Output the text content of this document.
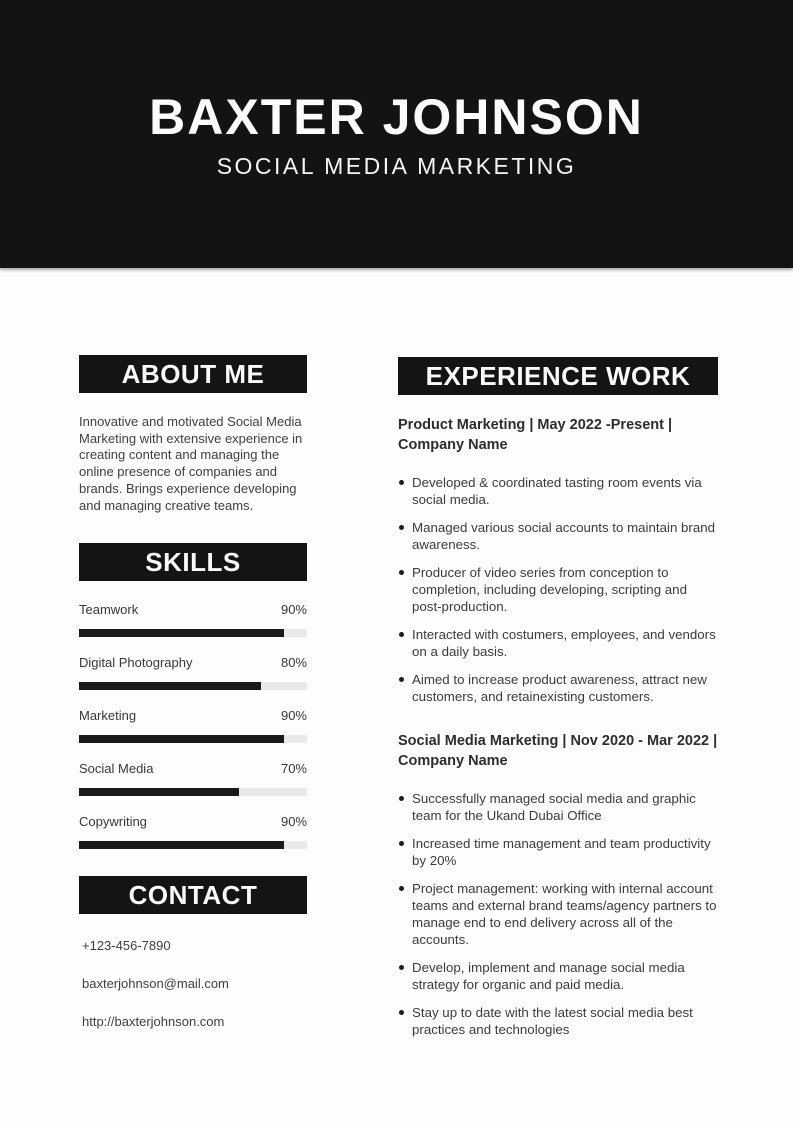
BAXTER JOHNSON
SOCIAL MEDIA MARKETING
ABOUT ME

Innovative and motivated Social Media Marketing with extensive experience in creating content and managing the online presence of companies and brands. Brings experience developing and managing creative teams.

SKILLS
Teamwork	90%
Digital Photography	80%
Marketing	90%
Social Media	70%
Copywriting	90%
CONTACT
+123-456-7890
baxterjohnson@mail.com
http://baxterjohnson.com
EXPERIENCE WORK
Product Marketing | May 2022 -Present |
Company Name
Developed & coordinated tasting room events via social media.
Managed various social accounts to maintain brand awareness.
Producer of video series from conception to completion, including developing, scripting and post-production.
Interacted with costumers, employees, and vendors on a daily basis.
Aimed to increase product awareness, attract new customers, and retainexisting customers.
Social Media Marketing | Nov 2020 - Mar 2022 |
Company Name
Successfully managed social media and graphic team for the Ukand Dubai Office
Increased time management and team productivity by 20%
Project management: working with internal account teams and external brand teams/agency partners to manage end to end delivery across all of the accounts.
Develop, implement and manage social media strategy for organic and paid media.
Stay up to date with the latest social media best practices and technologies
